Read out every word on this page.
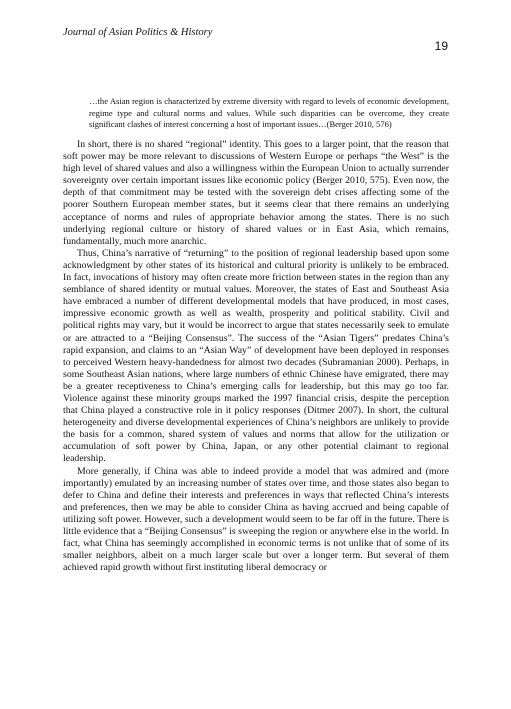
Journal of Asian Politics & History
19
…the Asian region is characterized by extreme diversity with regard to levels of economic development, regime type and cultural norms and values. While such disparities can be overcome, they create significant clashes of interest concerning a host of important issues…(Berger 2010, 576)

In short, there is no shared “regional” identity. This goes to a larger point, that the reason that soft power may be more relevant to discussions of Western Europe or perhaps “the West” is the high level of shared values and also a willingness within the European Union to actually surrender sovereignty over certain important issues like economic policy (Berger 2010, 575). Even now, the depth of that commitment may be tested with the sovereign debt crises affecting some of the poorer Southern European member states, but it seems clear that there remains an underlying acceptance of norms and rules of appropriate behavior among the states. There is no such underlying regional culture or history of shared values or in East Asia, which remains, fundamentally, much more anarchic.

Thus, China’s narrative of “returning” to the position of regional leadership based upon some acknowledgment by other states of its historical and cultural priority is unlikely to be embraced. In fact, invocations of history may often create more friction between states in the region than any semblance of shared identity or mutual values. Moreover, the states of East and Southeast Asia have embraced a number of different developmental models that have produced, in most cases, impressive economic growth as well as wealth, prosperity and political stability. Civil and political rights may vary, but it would be incorrect to argue that states necessarily seek to emulate or are attracted to a “Beijing Consensus”. The success of the “Asian Tigers” predates China’s rapid expansion, and claims to an “Asian Way” of development have been deployed in responses to perceived Western heavy-handedness for almost two decades (Subramanian 2000). Perhaps, in some Southeast Asian nations, where large numbers of ethnic Chinese have emigrated, there may be a greater receptiveness to China’s emerging calls for leadership, but this may go too far. Violence against these minority groups marked the 1997 financial crisis, despite the perception that China played a constructive role in it policy responses (Ditmer 2007). In short, the cultural heterogeneity and diverse developmental experiences of China’s neighbors are unlikely to provide the basis for a common, shared system of values and norms that allow for the utilization or accumulation of soft power by China, Japan, or any other potential claimant to regional leadership.

More generally, if China was able to indeed provide a model that was admired and (more importantly) emulated by an increasing number of states over time, and those states also began to defer to China and define their interests and preferences in ways that reflected China’s interests and preferences, then we may be able to consider China as having accrued and being capable of utilizing soft power. However, such a development would seem to be far off in the future. There is little evidence that a “Beijing Consensus” is sweeping the region or anywhere else in the world. In fact, what China has seemingly accomplished in economic terms is not unlike that of some of its smaller neighbors, albeit on a much larger scale but over a longer term. But several of them achieved rapid growth without first instituting liberal democracy or
